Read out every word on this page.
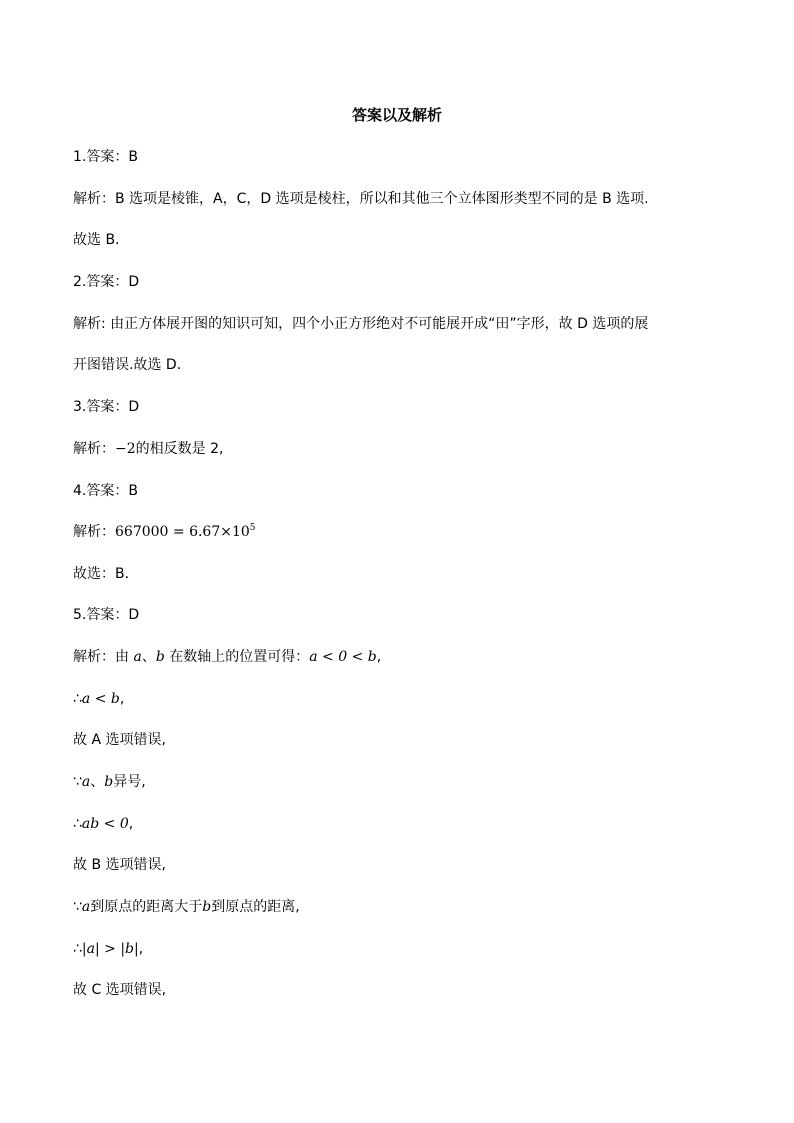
答案以及解析
1.答案：B
解析：B 选项是棱锥，A，C，D 选项是棱柱，所以和其他三个立体图形类型不同的是 B 选项.
故选 B.
2.答案：D
解析: 由正方体展开图的知识可知，四个小正方形绝对不可能展开成“田”字形，故 D 选项的展
开图错误.故选 D.
3.答案：D
解析：−2的相反数是 2,
4.答案：B
解析：$667000 = 6.67\times 10^5$
故选：B.
5.答案：D
解析：由 a、b 在数轴上的位置可得：a < 0 < b,
∴a < b,
故 A 选项错误,
∵a、b异号,
∴ab < 0,
故 B 选项错误,
∵a到原点的距离大于b到原点的距离,
∴|a| > |b|,
故 C 选项错误,
